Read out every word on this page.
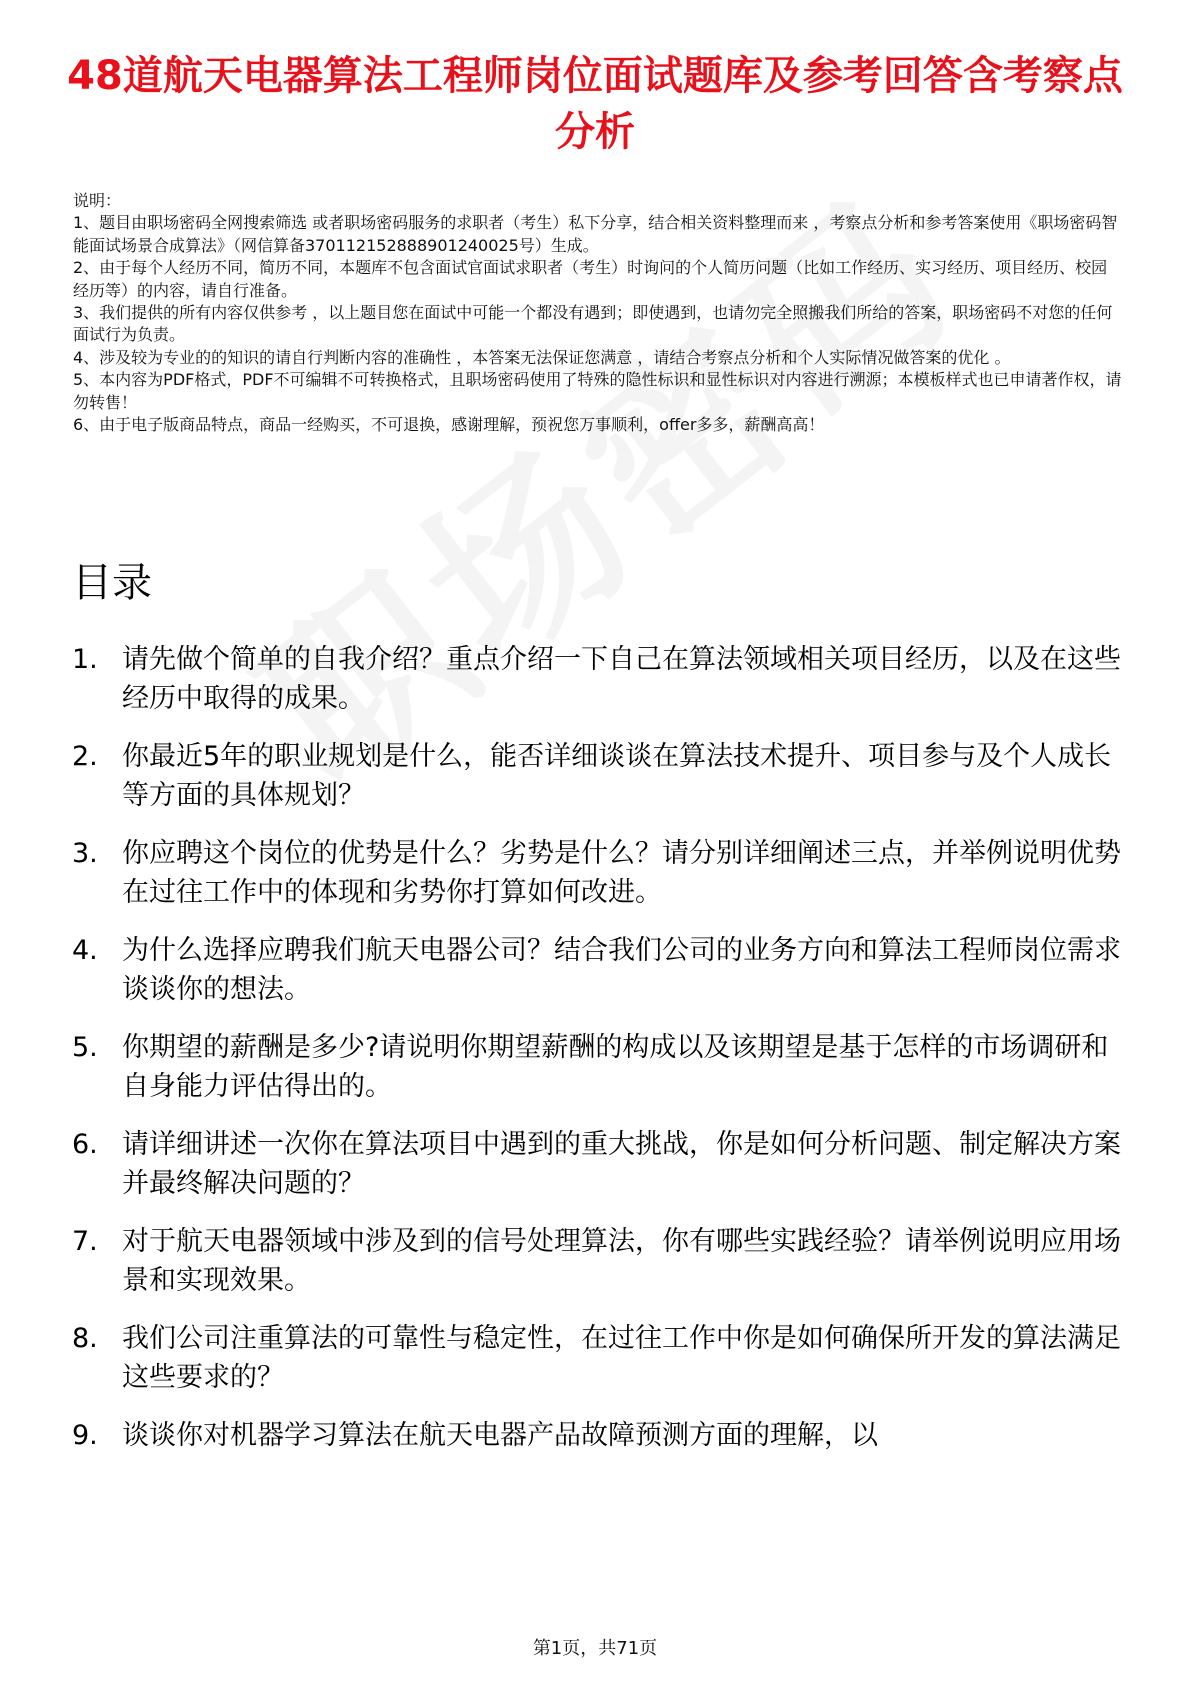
48道航天电器算法工程师岗位面试题库及参考回答含考察点分析

说明：

1、题目由职场密码全网搜索筛选 或者职场密码服务的求职者（考生）私下分享，结合相关资料整理而来 ，考察点分析和参考答案使用《职场密码智能面试场景合成算法》（网信算备370112152888901240025号）生成。

2、由于每个人经历不同，简历不同，本题库不包含面试官面试求职者（考生）时询问的个人简历问题（比如工作经历、实习经历、项目经历、校园经历等）的内容，请自行准备。

3、我们提供的所有内容仅供参考 ，以上题目您在面试中可能一个都没有遇到；即使遇到，也请勿完全照搬我们所给的答案，职场密码不对您的任何面试行为负责。

4、涉及较为专业的的知识的请自行判断内容的准确性 ，本答案无法保证您满意 ，请结合考察点分析和个人实际情况做答案的优化 。

5、本内容为PDF格式，PDF不可编辑不可转换格式，且职场密码使用了特殊的隐性标识和显性标识对内容进行溯源；本模板样式也已申请著作权，请勿转售！

6、由于电子版商品特点，商品一经购买，不可退换，感谢理解，预祝您万事顺利，offer多多，薪酬高高！

目录
1. 请先做个简单的自我介绍？重点介绍一下自己在算法领域相关项目经历，以及在这些经历中取得的成果。
2. 你最近5年的职业规划是什么，能否详细谈谈在算法技术提升、项目参与及个人成长等方面的具体规划？
3. 你应聘这个岗位的优势是什么？劣势是什么？请分别详细阐述三点，并举例说明优势在过往工作中的体现和劣势你打算如何改进。
4. 为什么选择应聘我们航天电器公司？结合我们公司的业务方向和算法工程师岗位需求谈谈你的想法。
5. 你期望的薪酬是多少?请说明你期望薪酬的构成以及该期望是基于怎样的市场调研和自身能力评估得出的。
6. 请详细讲述一次你在算法项目中遇到的重大挑战，你是如何分析问题、制定解决方案并最终解决问题的？
7. 对于航天电器领域中涉及到的信号处理算法，你有哪些实践经验？请举例说明应用场景和实现效果。
8. 我们公司注重算法的可靠性与稳定性，在过往工作中你是如何确保所开发的算法满足这些要求的？
9. 谈谈你对机器学习算法在航天电器产品故障预测方面的理解，以
第1页，共71页
